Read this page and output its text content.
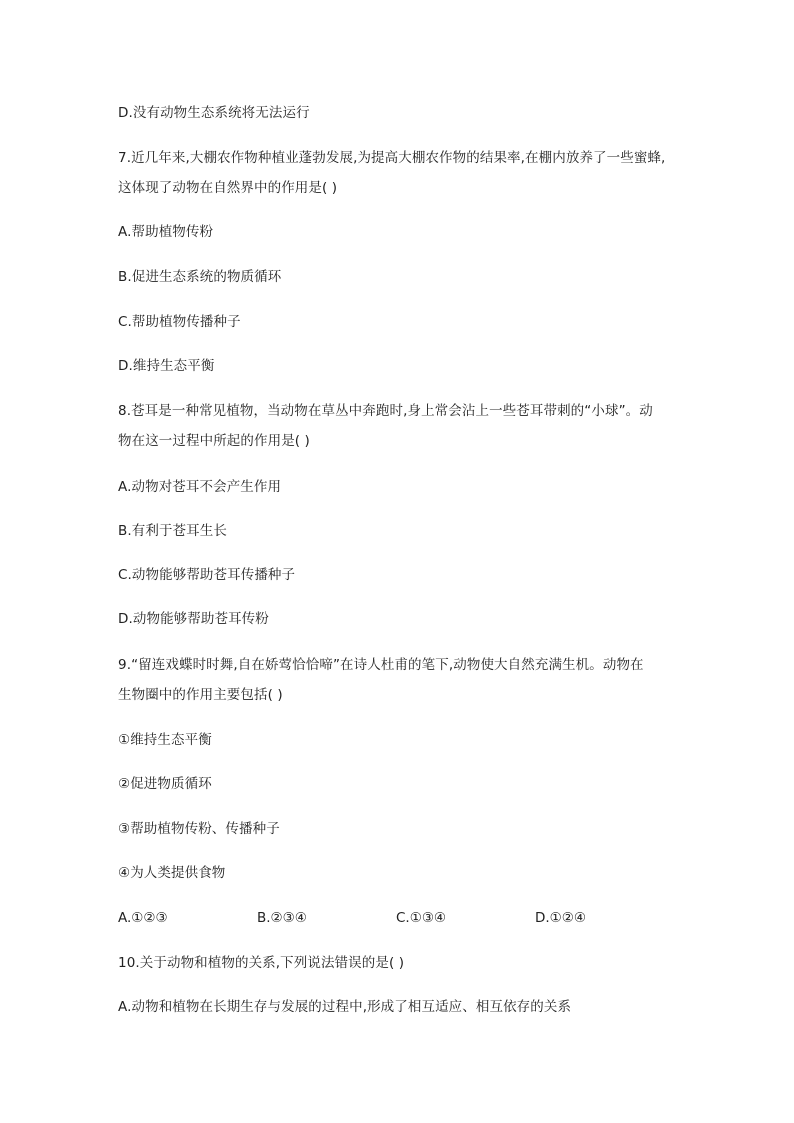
D.没有动物生态系统将无法运行
7.近几年来,大棚农作物种植业蓬勃发展,为提高大棚农作物的结果率,在棚内放养了一些蜜蜂,
这体现了动物在自然界中的作用是( )
A.帮助植物传粉
B.促进生态系统的物质循环
C.帮助植物传播种子
D.维持生态平衡
8.苍耳是一种常见植物，当动物在草丛中奔跑时,身上常会沾上一些苍耳带刺的“小球”。动
物在这一过程中所起的作用是( )
A.动物对苍耳不会产生作用
B.有利于苍耳生长
C.动物能够帮助苍耳传播种子
D.动物能够帮助苍耳传粉
9.“留连戏蝶时时舞,自在娇莺恰恰啼”在诗人杜甫的笔下,动物使大自然充满生机。动物在
生物圈中的作用主要包括( )
①维持生态平衡
②促进物质循环
③帮助植物传粉、传播种子
④为人类提供食物
A.①②③	B.②③④	C.①③④	D.①②④
10.关于动物和植物的关系,下列说法错误的是( )
A.动物和植物在长期生存与发展的过程中,形成了相互适应、相互依存的关系
